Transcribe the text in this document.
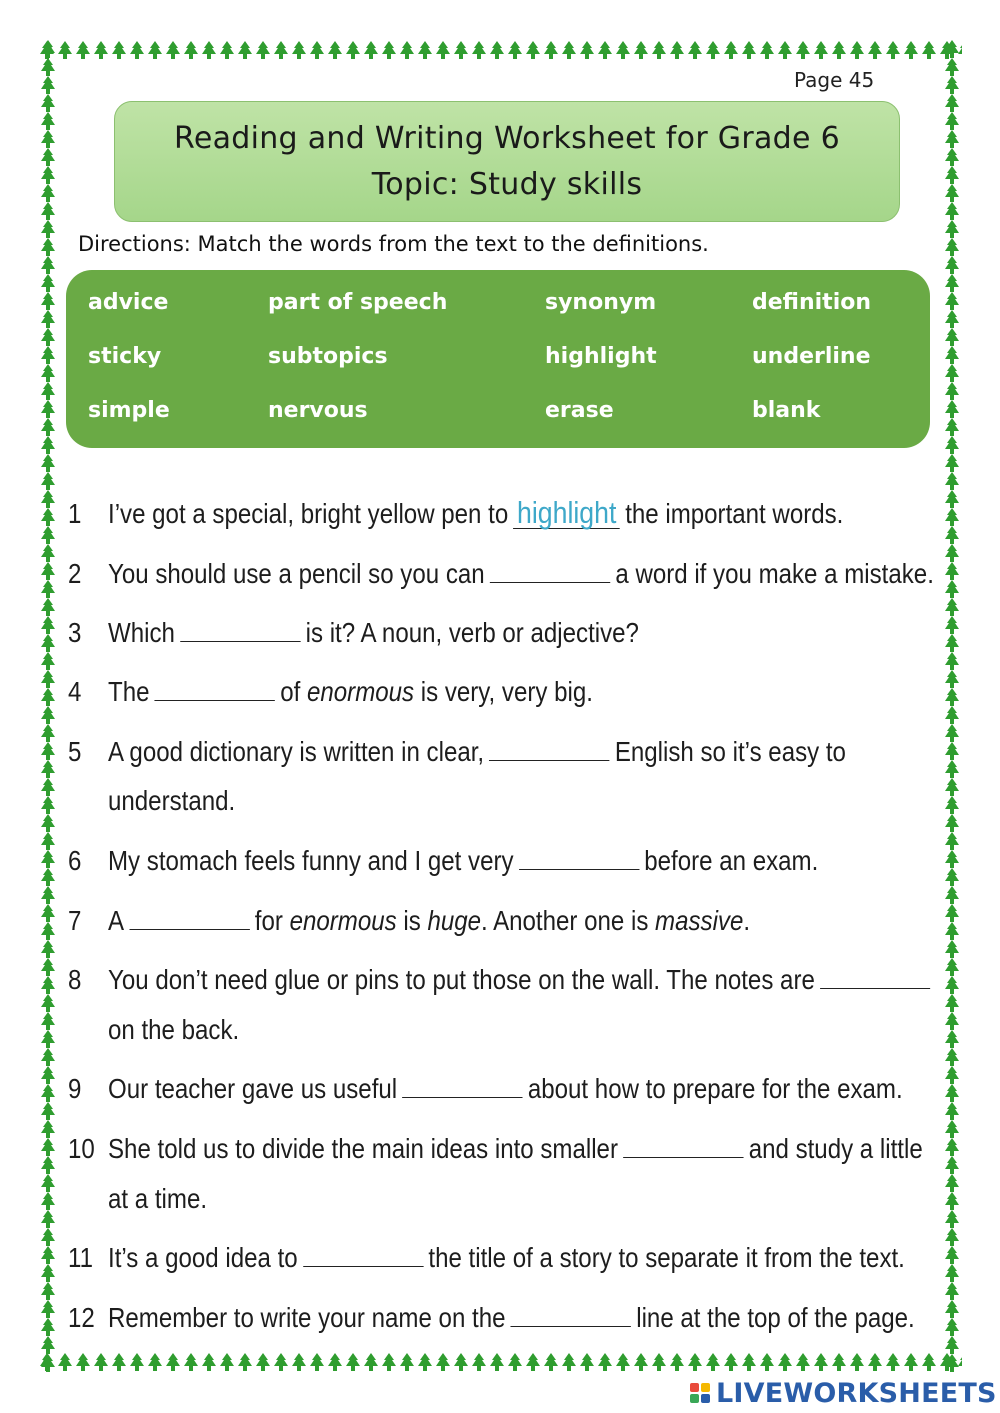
Page 45
Reading and Writing Worksheet for Grade 6
Topic: Study skills
Directions: Match the words from the text to the definitions.
advice	part of speech	synonym	definition
sticky	subtopics	highlight	underline
simple	nervous	erase	blank
1 I’ve got a special, bright yellow pen to highlight the important words.
2 You should use a pencil so you can	a word if you make a mistake.
3 Which	is it? A noun, verb or adjective?
4 The	of enormous is very, very big.
5 A good dictionary is written in clear,	English so it’s easy to
understand.
6 My stomach feels funny and I get very	before an exam.
7 A	for enormous is huge. Another one is massive.
8 You don’t need glue or pins to put those on the wall. The notes are
on the back.
9 Our teacher gave us useful	about how to prepare for the exam.
10 She told us to divide the main ideas into smaller	and study a little
at a time.
11 It’s a good idea to	the title of a story to separate it from the text.
12 Remember to write your name on the	line at the top of the page.
LIVEWORKSHEETS
